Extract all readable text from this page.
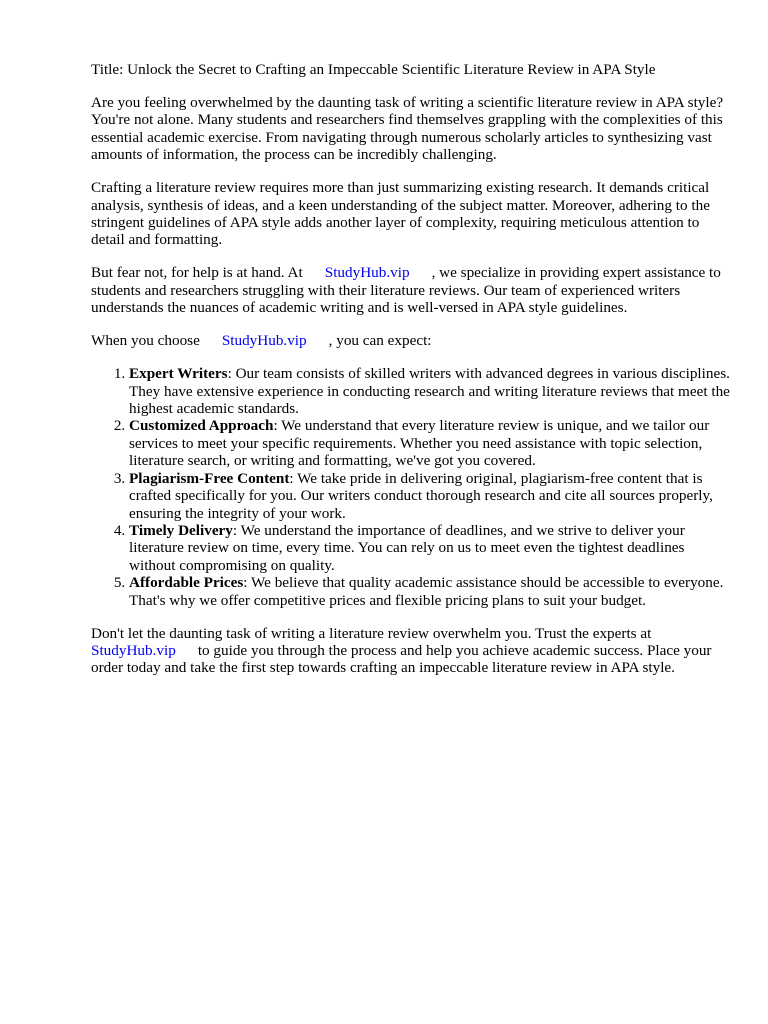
Title: Unlock the Secret to Crafting an Impeccable Scientific Literature Review in APA Style

Are you feeling overwhelmed by the daunting task of writing a scientific literature review in APA style? You're not alone. Many students and researchers find themselves grappling with the complexities of this essential academic exercise. From navigating through numerous scholarly articles to synthesizing vast amounts of information, the process can be incredibly challenging.

Crafting a literature review requires more than just summarizing existing research. It demands critical analysis, synthesis of ideas, and a keen understanding of the subject matter. Moreover, adhering to the stringent guidelines of APA style adds another layer of complexity, requiring meticulous attention to detail and formatting.

But fear not, for help is at hand. At StudyHub.vip , we specialize in providing expert assistance to students and researchers struggling with their literature reviews. Our team of experienced writers understands the nuances of academic writing and is well-versed in APA style guidelines.

When you choose StudyHub.vip , you can expect:

1. Expert Writers: Our team consists of skilled writers with advanced degrees in various disciplines. They have extensive experience in conducting research and writing literature reviews that meet the highest academic standards.
2. Customized Approach: We understand that every literature review is unique, and we tailor our services to meet your specific requirements. Whether you need assistance with topic selection, literature search, or writing and formatting, we've got you covered.
3. Plagiarism-Free Content: We take pride in delivering original, plagiarism-free content that is crafted specifically for you. Our writers conduct thorough research and cite all sources properly, ensuring the integrity of your work.
4. Timely Delivery: We understand the importance of deadlines, and we strive to deliver your literature review on time, every time. You can rely on us to meet even the tightest deadlines without compromising on quality.
5. Affordable Prices: We believe that quality academic assistance should be accessible to everyone. That's why we offer competitive prices and flexible pricing plans to suit your budget.

Don't let the daunting task of writing a literature review overwhelm you. Trust the experts at StudyHub.vip to guide you through the process and help you achieve academic success. Place your order today and take the first step towards crafting an impeccable literature review in APA style.
